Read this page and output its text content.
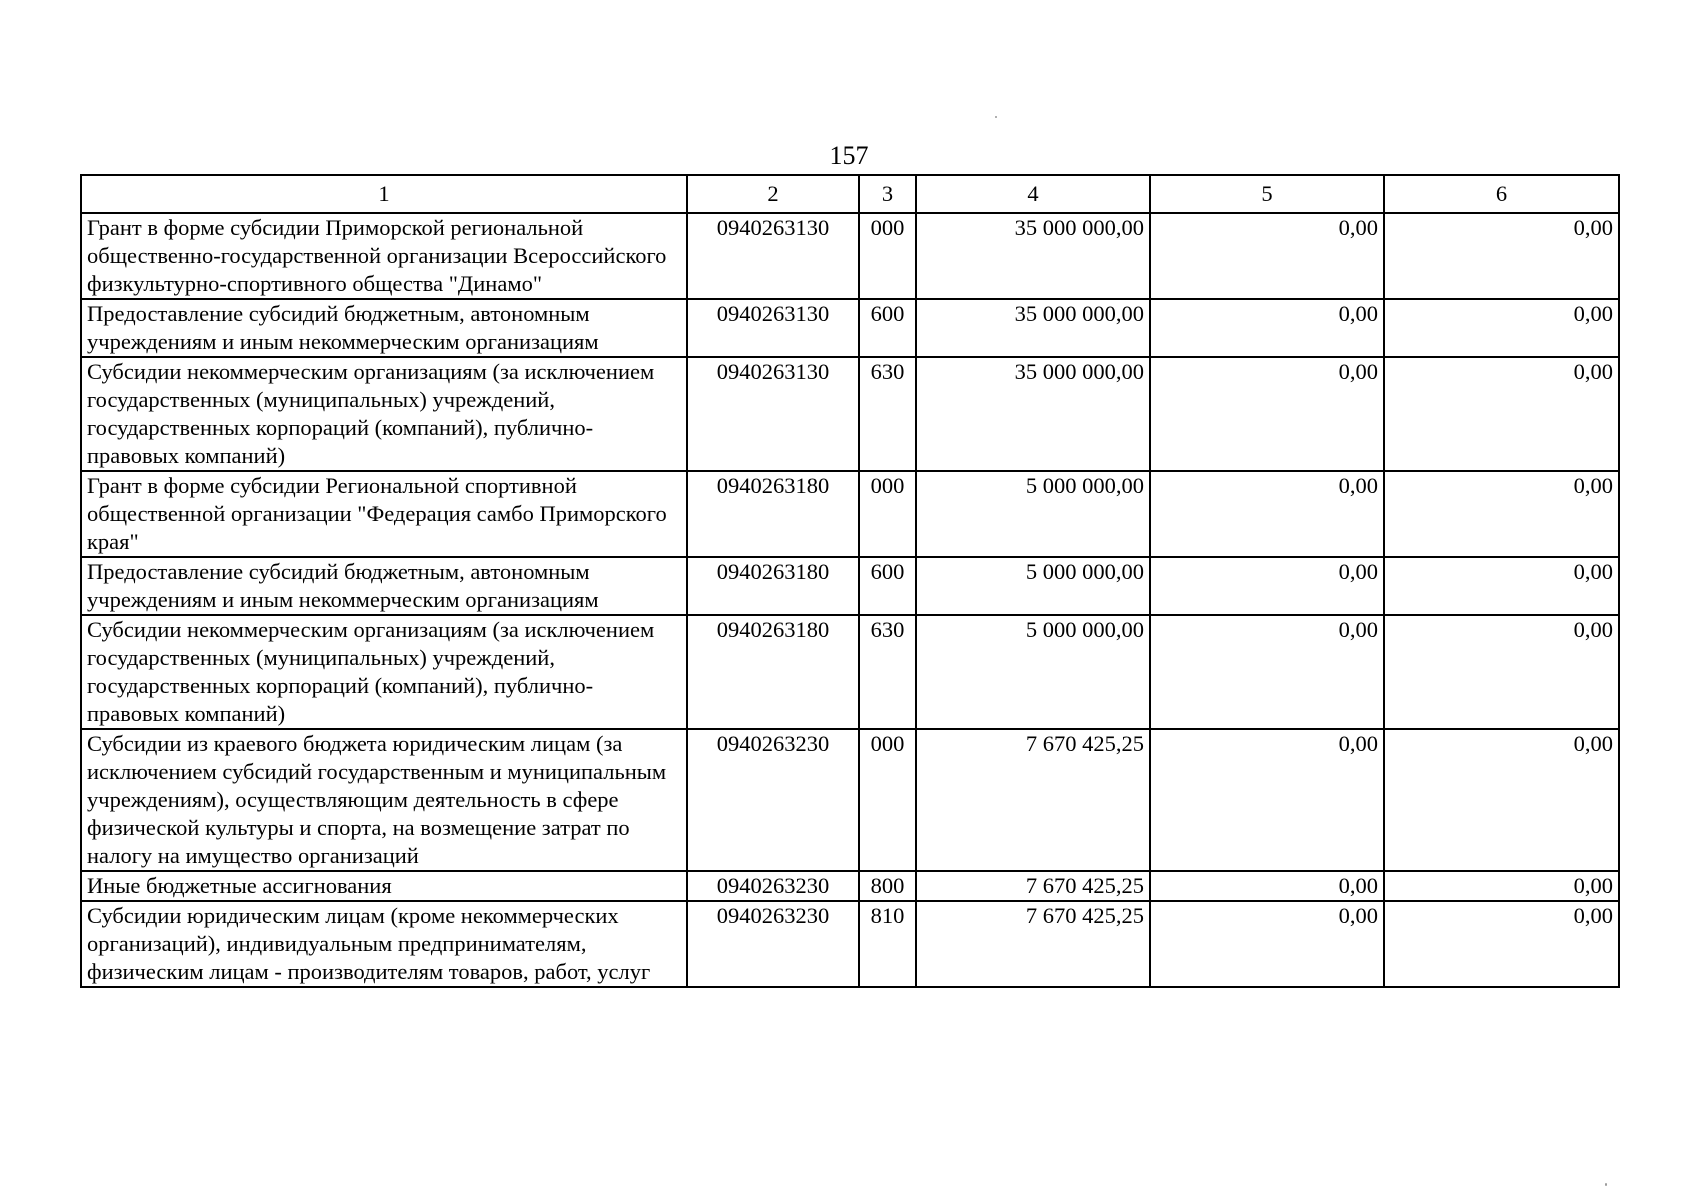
157
1	2	3	4	5	6
Грант в форме субсидии Приморской региональной общественно-государственной организации Всероссийского физкультурно-спортивного общества "Динамо"	0940263130	000	35 000 000,00	0,00	0,00
Предоставление субсидий бюджетным, автономным учреждениям и иным некоммерческим организациям	0940263130	600	35 000 000,00	0,00	0,00
Субсидии некоммерческим организациям (за исключением государственных (муниципальных) учреждений, государственных корпораций (компаний), публично-правовых компаний)	0940263130	630	35 000 000,00	0,00	0,00
Грант в форме субсидии Региональной спортивной общественной организации "Федерация самбо Приморского края"	0940263180	000	5 000 000,00	0,00	0,00
Предоставление субсидий бюджетным, автономным учреждениям и иным некоммерческим организациям	0940263180	600	5 000 000,00	0,00	0,00
Субсидии некоммерческим организациям (за исключением государственных (муниципальных) учреждений, государственных корпораций (компаний), публично-правовых компаний)	0940263180	630	5 000 000,00	0,00	0,00
Субсидии из краевого бюджета юридическим лицам (за исключением субсидий государственным и муниципальным учреждениям), осуществляющим деятельность в сфере физической культуры и спорта, на возмещение затрат по налогу на имущество организаций	0940263230	000	7 670 425,25	0,00	0,00
Иные бюджетные ассигнования	0940263230	800	7 670 425,25	0,00	0,00
Субсидии юридическим лицам (кроме некоммерческих организаций), индивидуальным предпринимателям, физическим лицам - производителям товаров, работ, услуг	0940263230	810	7 670 425,25	0,00	0,00
